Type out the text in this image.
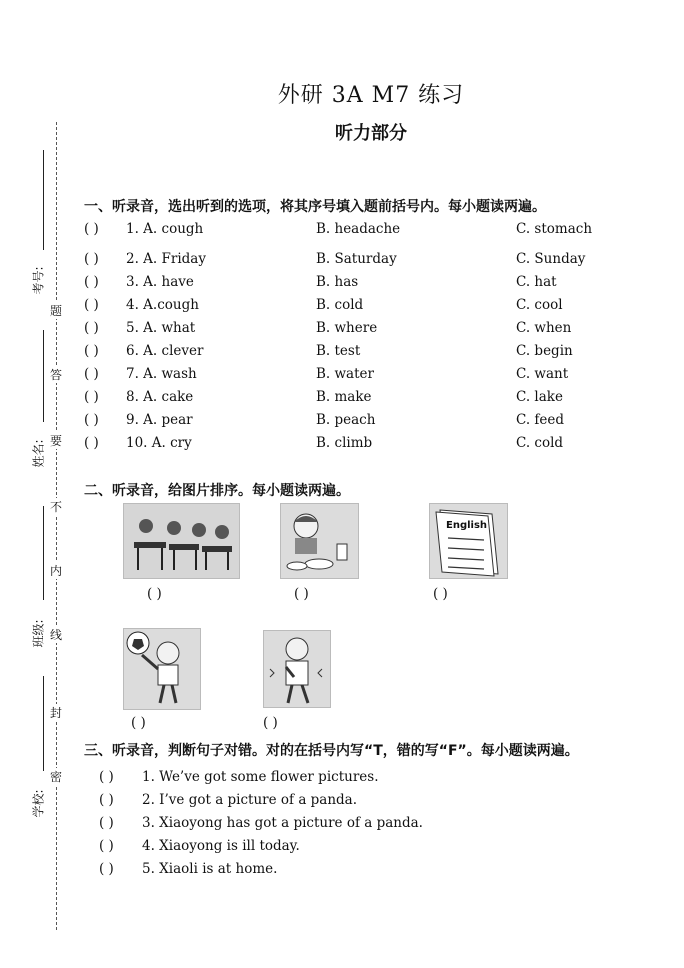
考号:
姓名:
班级:
学校:
题
答
要
不
内
线
封
密
外研 3A M7 练习
听力部分
一、听录音，选出听到的选项，将其序号填入题前括号内。每小题读两遍。
( ) 1. A. cough	B. headache	C. stomach
( ) 2. A. Friday	B. Saturday	C. Sunday
( ) 3. A. have	B. has	C. hat
( ) 4. A.cough	B. cold	C. cool
( ) 5. A. what	B. where	C. when
( ) 6. A. clever	B. test	C. begin
( ) 7. A. wash	B. water	C. want
( ) 8. A. cake	B. make	C. lake
( ) 9. A. pear	B. peach	C. feed
( ) 10. A. cry	B. climb	C. cold
二、听录音，给图片排序。每小题读两遍。
( )	( )
English
( )
( )	( )
三、听录音，判断句子对错。对的在括号内写“T，错的写“F”。每小题读两遍。
( ) 1. We’ve got some flower pictures.
( ) 2. I’ve got a picture of a panda.
( ) 3. Xiaoyong has got a picture of a panda.
( ) 4. Xiaoyong is ill today.
( ) 5. Xiaoli is at home.
